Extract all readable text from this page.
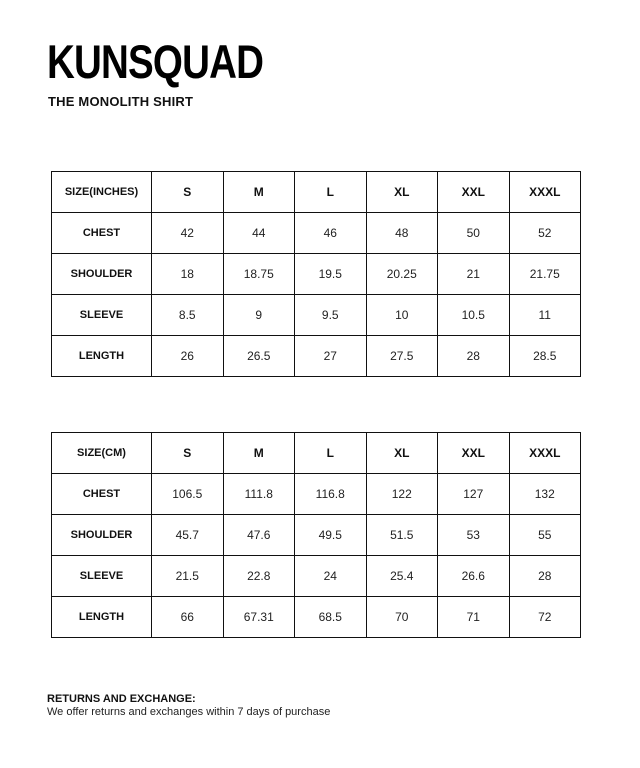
KUNSQUAD
THE MONOLITH SHIRT
SIZE(INCHES)	S	M	L	XL	XXL	XXXL
CHEST	42	44	46	48	50	52
SHOULDER	18	18.75	19.5	20.25	21	21.75
SLEEVE	8.5	9	9.5	10	10.5	11
LENGTH	26	26.5	27	27.5	28	28.5
SIZE(CM)	S	M	L	XL	XXL	XXXL
CHEST	106.5	111.8	116.8	122	127	132
SHOULDER	45.7	47.6	49.5	51.5	53	55
SLEEVE	21.5	22.8	24	25.4	26.6	28
LENGTH	66	67.31	68.5	70	71	72

RETURNS AND EXCHANGE:

We offer returns and exchanges within 7 days of purchase
